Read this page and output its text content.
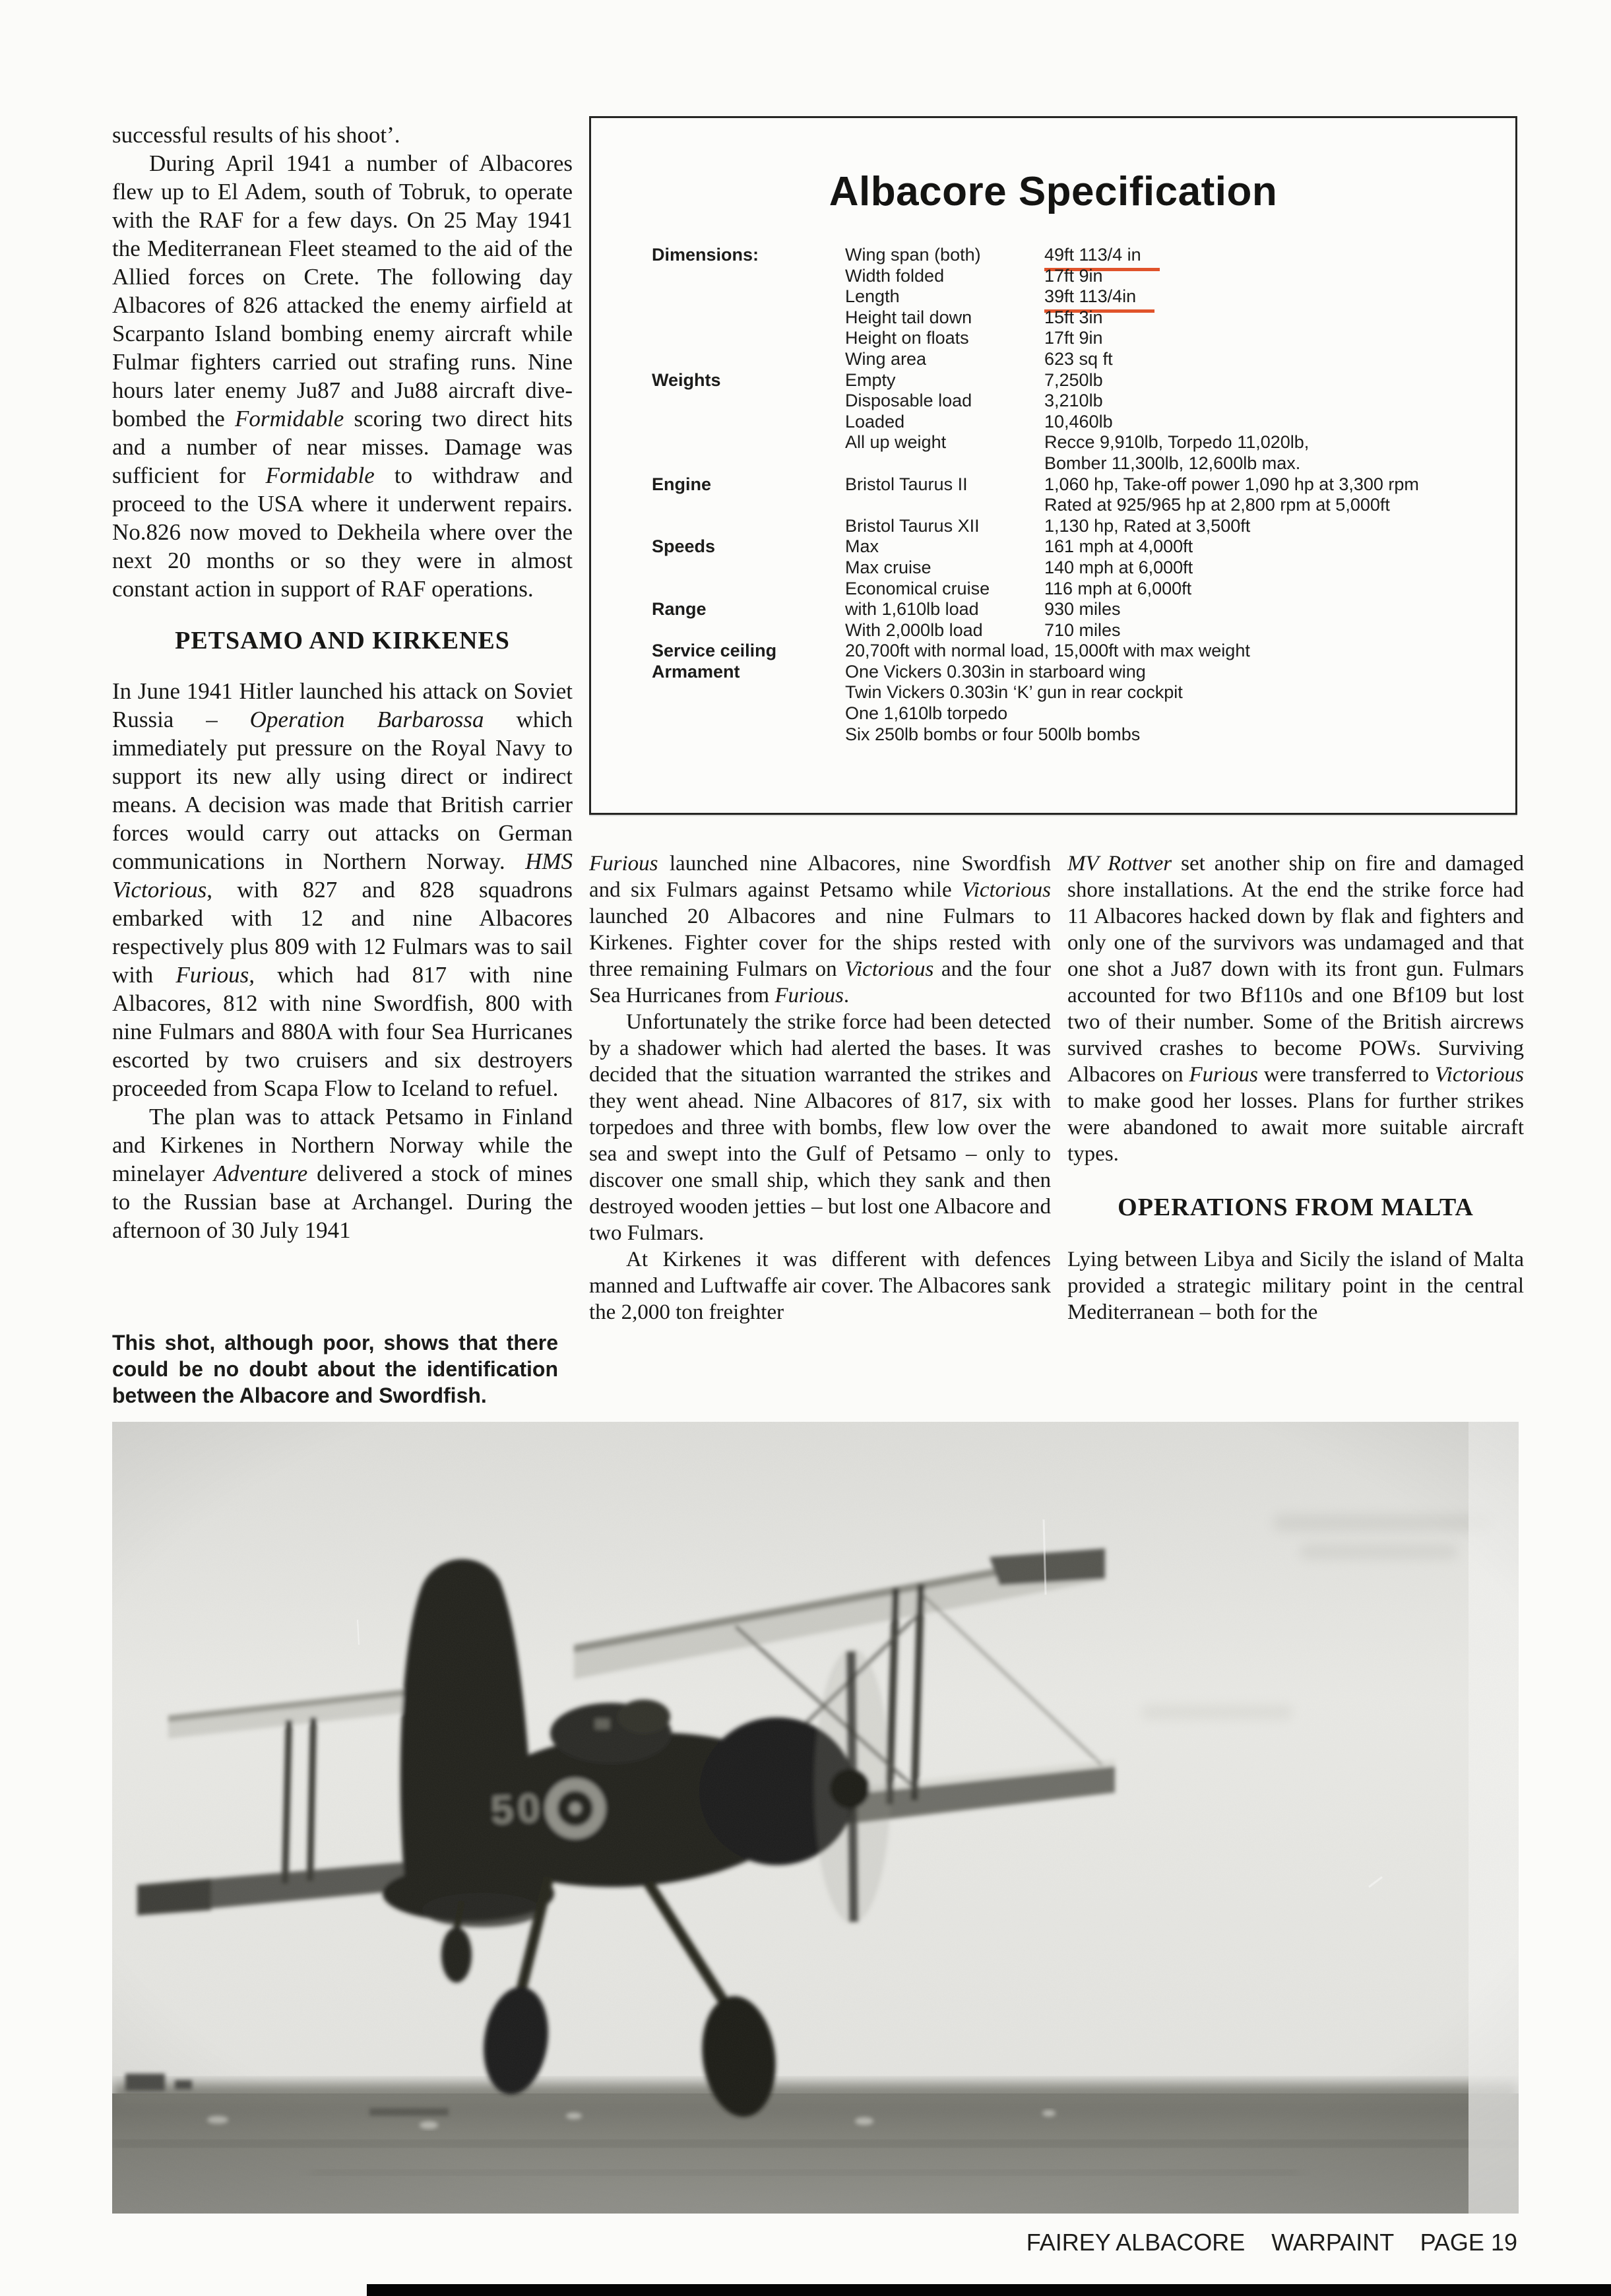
successful results of his shoot’.

During April 1941 a number of Albacores flew up to El Adem, south of Tobruk, to operate with the RAF for a few days. On 25 May 1941 the Mediterranean Fleet steamed to the aid of the Allied forces on Crete. The following day Albacores of 826 attacked the enemy airfield at Scarpanto Island bombing enemy aircraft while Fulmar fighters carried out strafing runs. Nine hours later enemy Ju87 and Ju88 aircraft dive-bombed the Formidable scoring two direct hits and a number of near misses. Damage was sufficient for Formidable to withdraw and proceed to the USA where it underwent repairs. No.826 now moved to Dekheila where over the next 20 months or so they were in almost constant action in support of RAF operations.

PETSAMO AND KIRKENES

In June 1941 Hitler launched his attack on Soviet Russia – Operation Barbarossa which immediately put pressure on the Royal Navy to support its new ally using direct or indirect means. A decision was made that British carrier forces would carry out attacks on German communications in Northern Norway. HMS Victorious, with 827 and 828 squadrons embarked with 12 and nine Albacores respectively plus 809 with 12 Fulmars was to sail with Furious, which had 817 with nine Albacores, 812 with nine Swordfish, 800 with nine Fulmars and 880A with four Sea Hurricanes escorted by two cruisers and six destroyers proceeded from Scapa Flow to Iceland to refuel.

The plan was to attack Petsamo in Finland and Kirkenes in Northern Norway while the minelayer Adventure delivered a stock of mines to the Russian base at Archangel. During the afternoon of 30 July 1941

Albacore Specification
Dimensions:	Wing span (both)	49ft 113/4 in
Width folded	17ft 9in
Length	39ft 113/4in
Height tail down	15ft 3in
Height on floats	17ft 9in
Wing area	623 sq ft
Weights	Empty	7,250lb
Disposable load	3,210lb
Loaded	10,460lb
All up weight	Recce 9,910lb, Torpedo 11,020lb,
Bomber 11,300lb, 12,600lb max.
Engine	Bristol Taurus II	1,060 hp, Take-off power 1,090 hp at 3,300 rpm
Rated at 925/965 hp at 2,800 rpm at 5,000ft
Bristol Taurus XII	1,130 hp, Rated at 3,500ft
Speeds	Max	161 mph at 4,000ft
Max cruise	140 mph at 6,000ft
Economical cruise	116 mph at 6,000ft
Range	with 1,610lb load	930 miles
With 2,000lb load	710 miles
Service ceiling	20,700ft with normal load, 15,000ft with max weight
Armament	One Vickers 0.303in in starboard wing
Twin Vickers 0.303in ‘K’ gun in rear cockpit
One 1,610lb torpedo
Six 250lb bombs or four 500lb bombs

Furious launched nine Albacores, nine Swordfish and six Fulmars against Petsamo while Victorious launched 20 Albacores and nine Fulmars to Kirkenes. Fighter cover for the ships rested with three remaining Fulmars on Victorious and the four Sea Hurricanes from Furious.

Unfortunately the strike force had been detected by a shadower which had alerted the bases. It was decided that the situation warranted the strikes and they went ahead. Nine Albacores of 817, six with torpedoes and three with bombs, flew low over the sea and swept into the Gulf of Petsamo – only to discover one small ship, which they sank and then destroyed wooden jetties – but lost one Albacore and two Fulmars.

At Kirkenes it was different with defences manned and Luftwaffe air cover. The Albacores sank the 2,000 ton freighter

MV Rottver set another ship on fire and damaged shore installations. At the end the strike force had 11 Albacores hacked down by flak and fighters and only one of the survivors was undamaged and that one shot a Ju87 down with its front gun. Fulmars accounted for two Bf110s and one Bf109 but lost two of their number. Some of the British aircrews survived crashes to become POWs. Surviving Albacores on Furious were transferred to Victorious to make good her losses. Plans for further strikes were abandoned to await more suitable aircraft types.

OPERATIONS FROM MALTA

Lying between Libya and Sicily the island of Malta provided a strategic military point in the central Mediterranean – both for the

This shot, although poor, shows that there could be no doubt about the identification between the Albacore and Swordfish.
FAIREY ALBACORE    WARPAINT    PAGE 19
